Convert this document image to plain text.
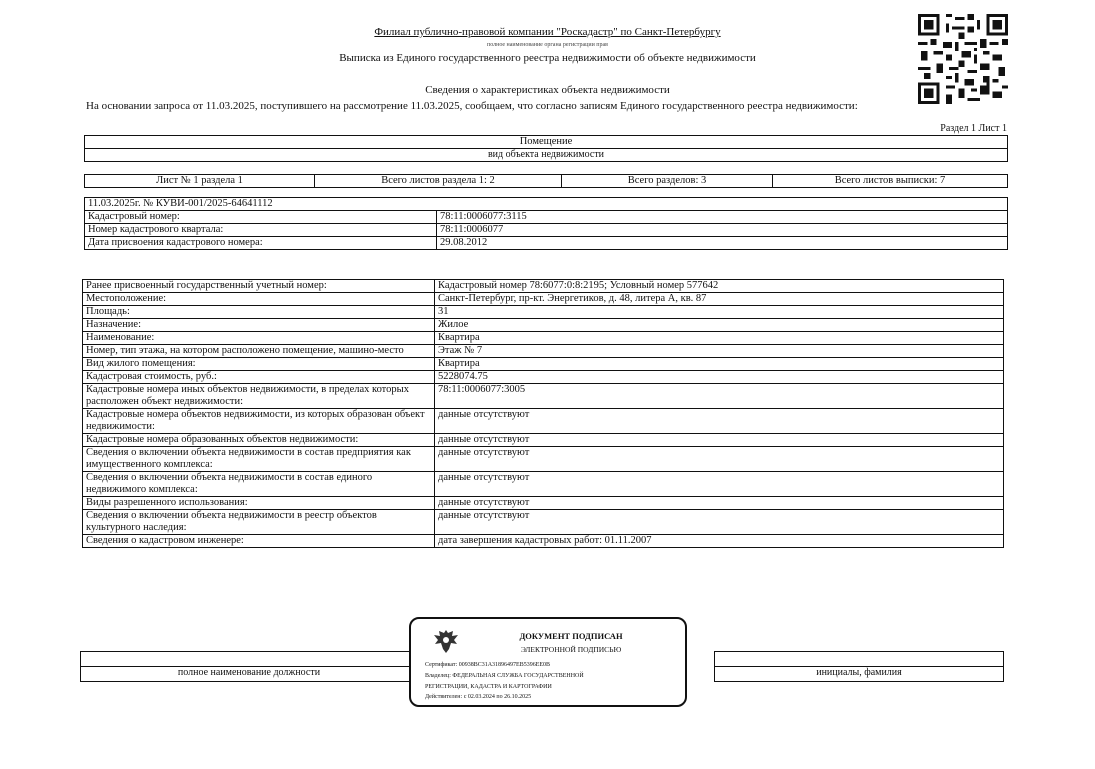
Филиал публично-правовой компании "Роскадастр" по Санкт-Петербургу
полное наименование органа регистрации прав
Выписка из Единого государственного реестра недвижимости об объекте недвижимости
Сведения о характеристиках объекта недвижимости
На основании запроса от 11.03.2025, поступившего на рассмотрение 11.03.2025, сообщаем, что согласно записям Единого государственного реестра недвижимости:
Раздел 1 Лист 1
Помещение
вид объекта недвижимости
Лист № 1 раздела 1	Всего листов раздела 1: 2	Всего разделов: 3	Всего листов выписки: 7
11.03.2025г. № КУВИ-001/2025-64641112	
Кадастровый номер:	78:11:0006077:3115
Номер кадастрового квартала:	78:11:0006077
Дата присвоения кадастрового номера:	29.08.2012
Ранее присвоенный государственный учетный номер:	Кадастровый номер 78:6077:0:8:2195; Условный номер 577642
Местоположение:	Санкт-Петербург, пр-кт. Энергетиков, д. 48, литера А, кв. 87
Площадь:	31
Назначение:	Жилое
Наименование:	Квартира
Номер, тип этажа, на котором расположено помещение, машино-место	Этаж № 7
Вид жилого помещения:	Квартира
Кадастровая стоимость, руб.:	5228074.75
Кадастровые номера иных объектов недвижимости, в пределах которых расположен объект недвижимости:	78:11:0006077:3005
Кадастровые номера объектов недвижимости, из которых образован объект недвижимости:	данные отсутствуют
Кадастровые номера образованных объектов недвижимости:	данные отсутствуют
Сведения о включении объекта недвижимости в состав предприятия как имущественного комплекса:	данные отсутствуют
Сведения о включении объекта недвижимости в состав единого недвижимого комплекса:	данные отсутствуют
Виды разрешенного использования:	данные отсутствуют
Сведения о включении объекта недвижимости в реестр объектов культурного наследия:	данные отсутствуют
Сведения о кадастровом инженере:	дата завершения кадастровых работ: 01.11.2007

полное наименование должности		инициалы, фамилия
ДОКУМЕНТ ПОДПИСАН
ЭЛЕКТРОННОЙ ПОДПИСЬЮ
Сертификат: 00938BC31A31896497EB5396EE0B
Владелец: ФЕДЕРАЛЬНАЯ СЛУЖБА ГОСУДАРСТВЕННОЙ
РЕГИСТРАЦИИ, КАДАСТРА И КАРТОГРАФИИ
Действителен: с 02.03.2024 по 26.10.2025
